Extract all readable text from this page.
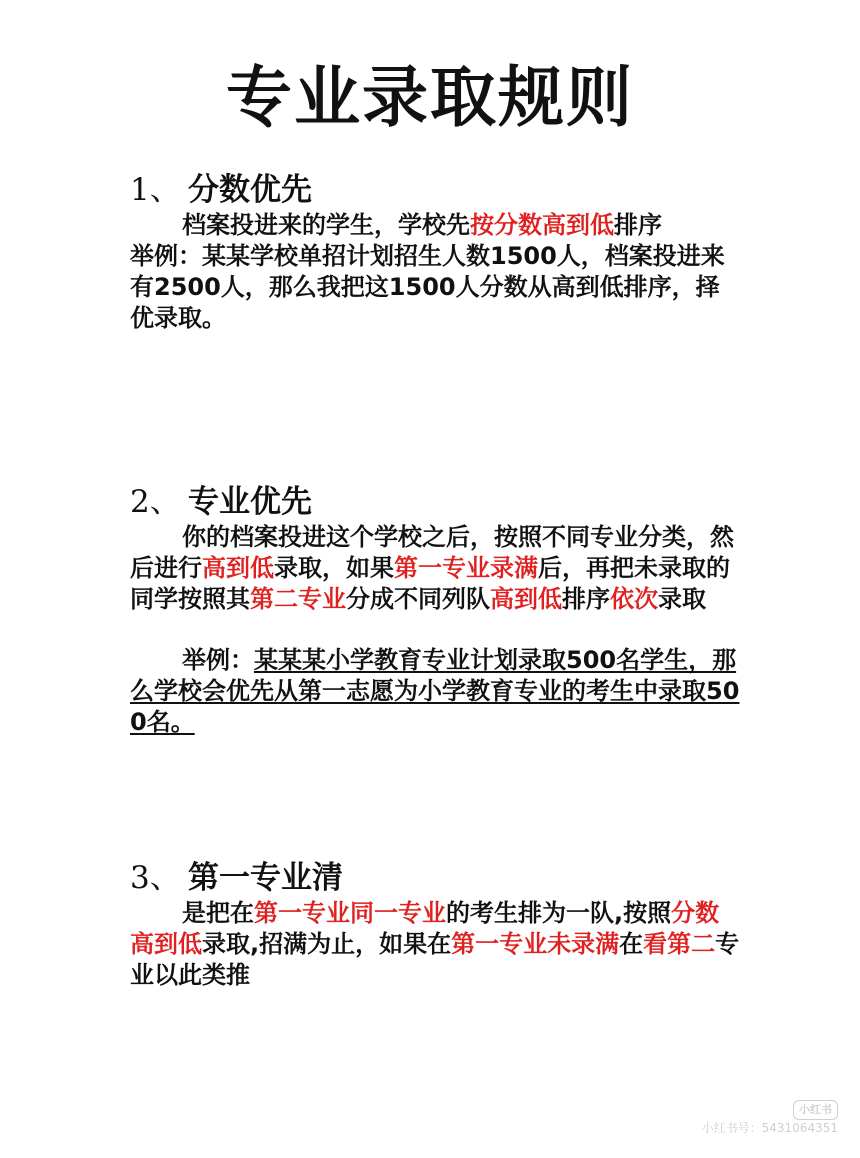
专业录取规则
1、 分数优先

档案投进来的学生，学校先按分数高到低排序

举例：某某学校单招计划招生人数1500人，档案投进来有2500人，那么我把这1500人分数从高到低排序，择优录取。

2、 专业优先

你的档案投进这个学校之后，按照不同专业分类，然后进行高到低录取，如果第一专业录满后，再把未录取的同学按照其第二专业分成不同列队高到低排序依次录取

举例：某某某小学教育专业计划录取500名学生，那么学校会优先从第一志愿为小学教育专业的考生中录取500名。

3、 第一专业清

是把在第一专业同一专业的考生排为一队,按照分数高到低录取,招满为止，如果在第一专业未录满在看第二专业以此类推

小红书
小红书号：5431064351
